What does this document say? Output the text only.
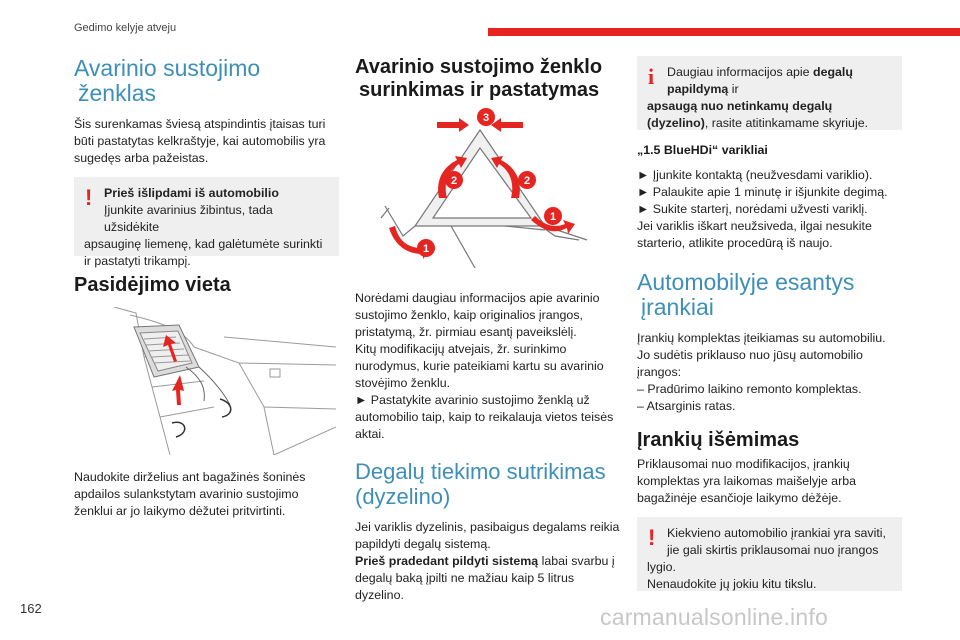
Gedimo kelyje atveju
Avarinio sustojimo
ženklas
Šis surenkamas šviesą atspindintis įtaisas turi būti pastatytas kelkraštyje, kai automobilis yra sugedęs arba pažeistas.
! Prieš išlipdami iš automobilio
Įjunkite avarinius žibintus, tada užsidėkite
apsauginę liemenę, kad galėtumėte surinkti ir pastatyti trikampį.
Pasidėjimo vieta
Naudokite dirželius ant bagažinės šoninės apdailos sulankstytam avarinio sustojimo ženklui ar jo laikymo dėžutei pritvirtinti.
Avarinio sustojimo ženklo
surinkimas ir pastatymas
3
2	2
1
1
Norėdami daugiau informacijos apie avarinio sustojimo ženklo, kaip originalios įrangos, pristatymą, žr. pirmiau esantį paveikslėlį.
Kitų modifikacijų atvejais, žr. surinkimo nurodymus, kurie pateikiami kartu su avarinio stovėjimo ženklu.
► Pastatykite avarinio sustojimo ženklą už automobilio taip, kaip to reikalauja vietos teisės aktai.
Degalų tiekimo sutrikimas
(dyzelino)
Jei variklis dyzelinis, pasibaigus degalams reikia papildyti degalų sistemą.
Prieš pradedant pildyti sistemą labai svarbu į degalų baką įpilti ne mažiau kaip 5 litrus dyzelino.
i	Daugiau informacijos apie degalų
papildymą ir
apsaugą nuo netinkamų degalų (dyzelino), rasite atitinkamame skyriuje.
„1.5 BlueHDi“ varikliai
► Įjunkite kontaktą (neužvesdami variklio).
► Palaukite apie 1 minutę ir išjunkite degimą.
► Sukite starterį, norėdami užvesti variklį.
Jei variklis iškart neužsiveda, ilgai nesukite starterio, atlikite procedūrą iš naujo.
Automobilyje esantys
įrankiai
Įrankių komplektas įteikiamas su automobiliu. Jo sudėtis priklauso nuo jūsų automobilio įrangos:
– Pradūrimo laikino remonto komplektas.
– Atsarginis ratas.
Įrankių išėmimas
Priklausomai nuo modifikacijos, įrankių komplektas yra laikomas maišelyje arba bagažinėje esančioje laikymo dėžėje.
! Kiekvieno automobilio įrankiai yra saviti,
jie gali skirtis priklausomai nuo įrangos
lygio.
Nenaudokite jų jokiu kitu tikslu.
162	carmanualsonline.info
